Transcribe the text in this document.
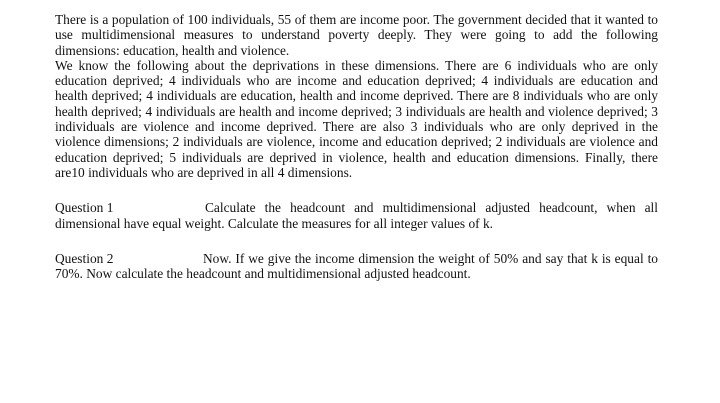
There is a population of 100 individuals, 55 of them are income poor. The government decided that it wanted to use multidimensional measures to understand poverty deeply. They were going to add the following dimensions: education, health and violence.

We know the following about the deprivations in these dimensions. There are 6 individuals who are only education deprived; 4 individuals who are income and education deprived; 4 individuals are education and health deprived; 4 individuals are education, health and income deprived. There are 8 individuals who are only health deprived; 4 individuals are health and income deprived; 3 individuals are health and violence deprived; 3 individuals are violence and income deprived. There are also 3 individuals who are only deprived in the violence dimensions; 2 individuals are violence, income and education deprived; 2 individuals are violence and education deprived; 5 individuals are deprived in violence, health and education dimensions. Finally, there are10 individuals who are deprived in all 4 dimensions.

Question 1	Calculate the headcount and multidimensional adjusted headcount, when all dimensional have equal weight. Calculate the measures for all integer values of k.

Question 2	Now. If we give the income dimension the weight of 50% and say that k is equal to 70%. Now calculate the headcount and multidimensional adjusted headcount.
